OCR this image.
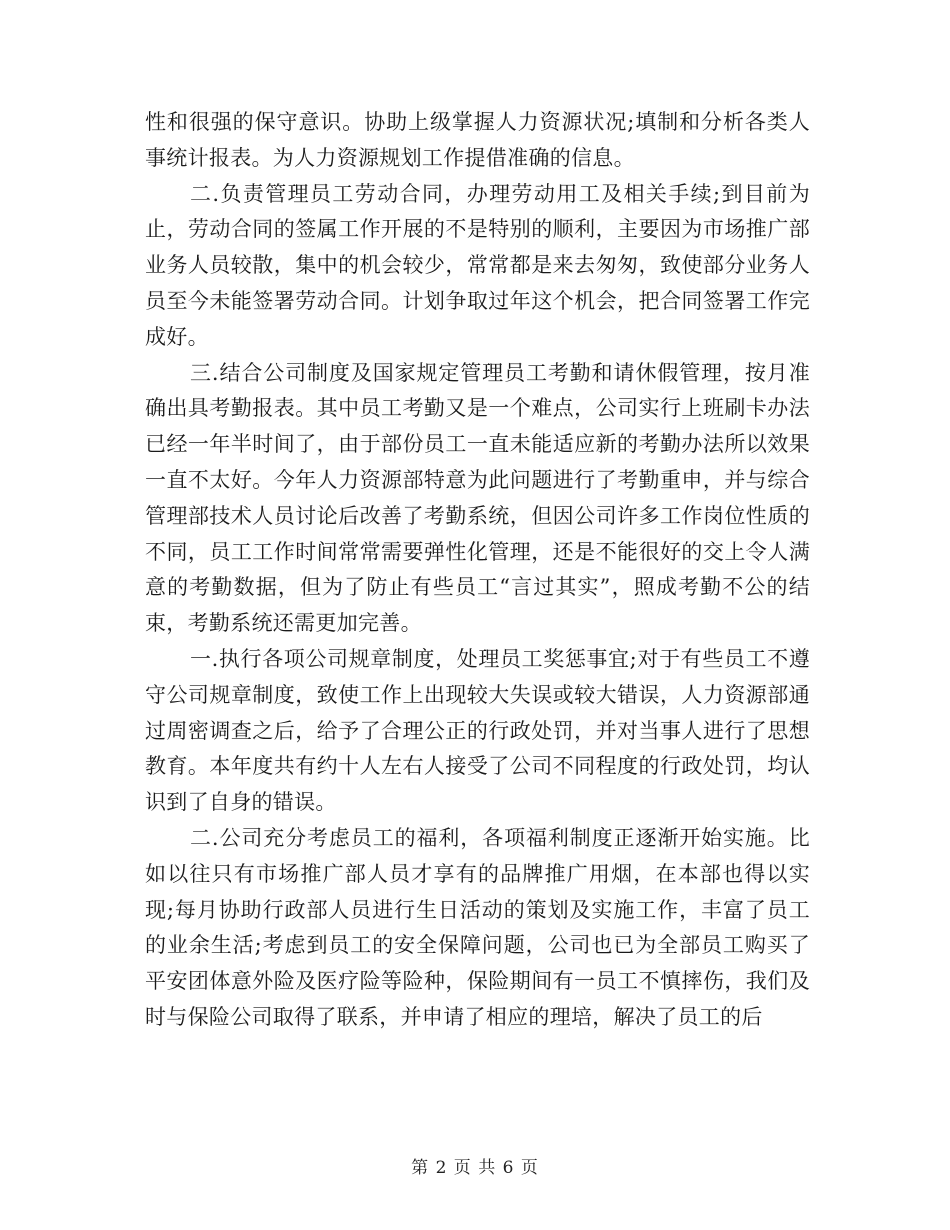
性和很强的保守意识。协助上级掌握人力资源状况;填制和分析各类人事统计报表。为人力资源规划工作提借准确的信息。

二.负责管理员工劳动合同，办理劳动用工及相关手续;到目前为止，劳动合同的签属工作开展的不是特别的顺利，主要因为市场推广部业务人员较散，集中的机会较少，常常都是来去匆匆，致使部分业务人员至今未能签署劳动合同。计划争取过年这个机会，把合同签署工作完成好。

三.结合公司制度及国家规定管理员工考勤和请休假管理，按月准确出具考勤报表。其中员工考勤又是一个难点，公司实行上班刷卡办法已经一年半时间了，由于部份员工一直未能适应新的考勤办法所以效果一直不太好。今年人力资源部特意为此问题进行了考勤重申，并与综合管理部技术人员讨论后改善了考勤系统，但因公司许多工作岗位性质的不同，员工工作时间常常需要弹性化管理，还是不能很好的交上令人满意的考勤数据，但为了防止有些员工“言过其实”，照成考勤不公的结束，考勤系统还需更加完善。

一.执行各项公司规章制度，处理员工奖惩事宜;对于有些员工不遵守公司规章制度，致使工作上出现较大失误或较大错误，人力资源部通过周密调查之后，给予了合理公正的行政处罚，并对当事人进行了思想教育。本年度共有约十人左右人接受了公司不同程度的行政处罚，均认识到了自身的错误。

二.公司充分考虑员工的福利，各项福利制度正逐渐开始实施。比如以往只有市场推广部人员才享有的品牌推广用烟，在本部也得以实现;每月协助行政部人员进行生日活动的策划及实施工作，丰富了员工的业余生活;考虑到员工的安全保障问题，公司也已为全部员工购买了平安团体意外险及医疗险等险种，保险期间有一员工不慎摔伤，我们及时与保险公司取得了联系，并申请了相应的理培，解决了员工的后

第 2 页 共 6 页
